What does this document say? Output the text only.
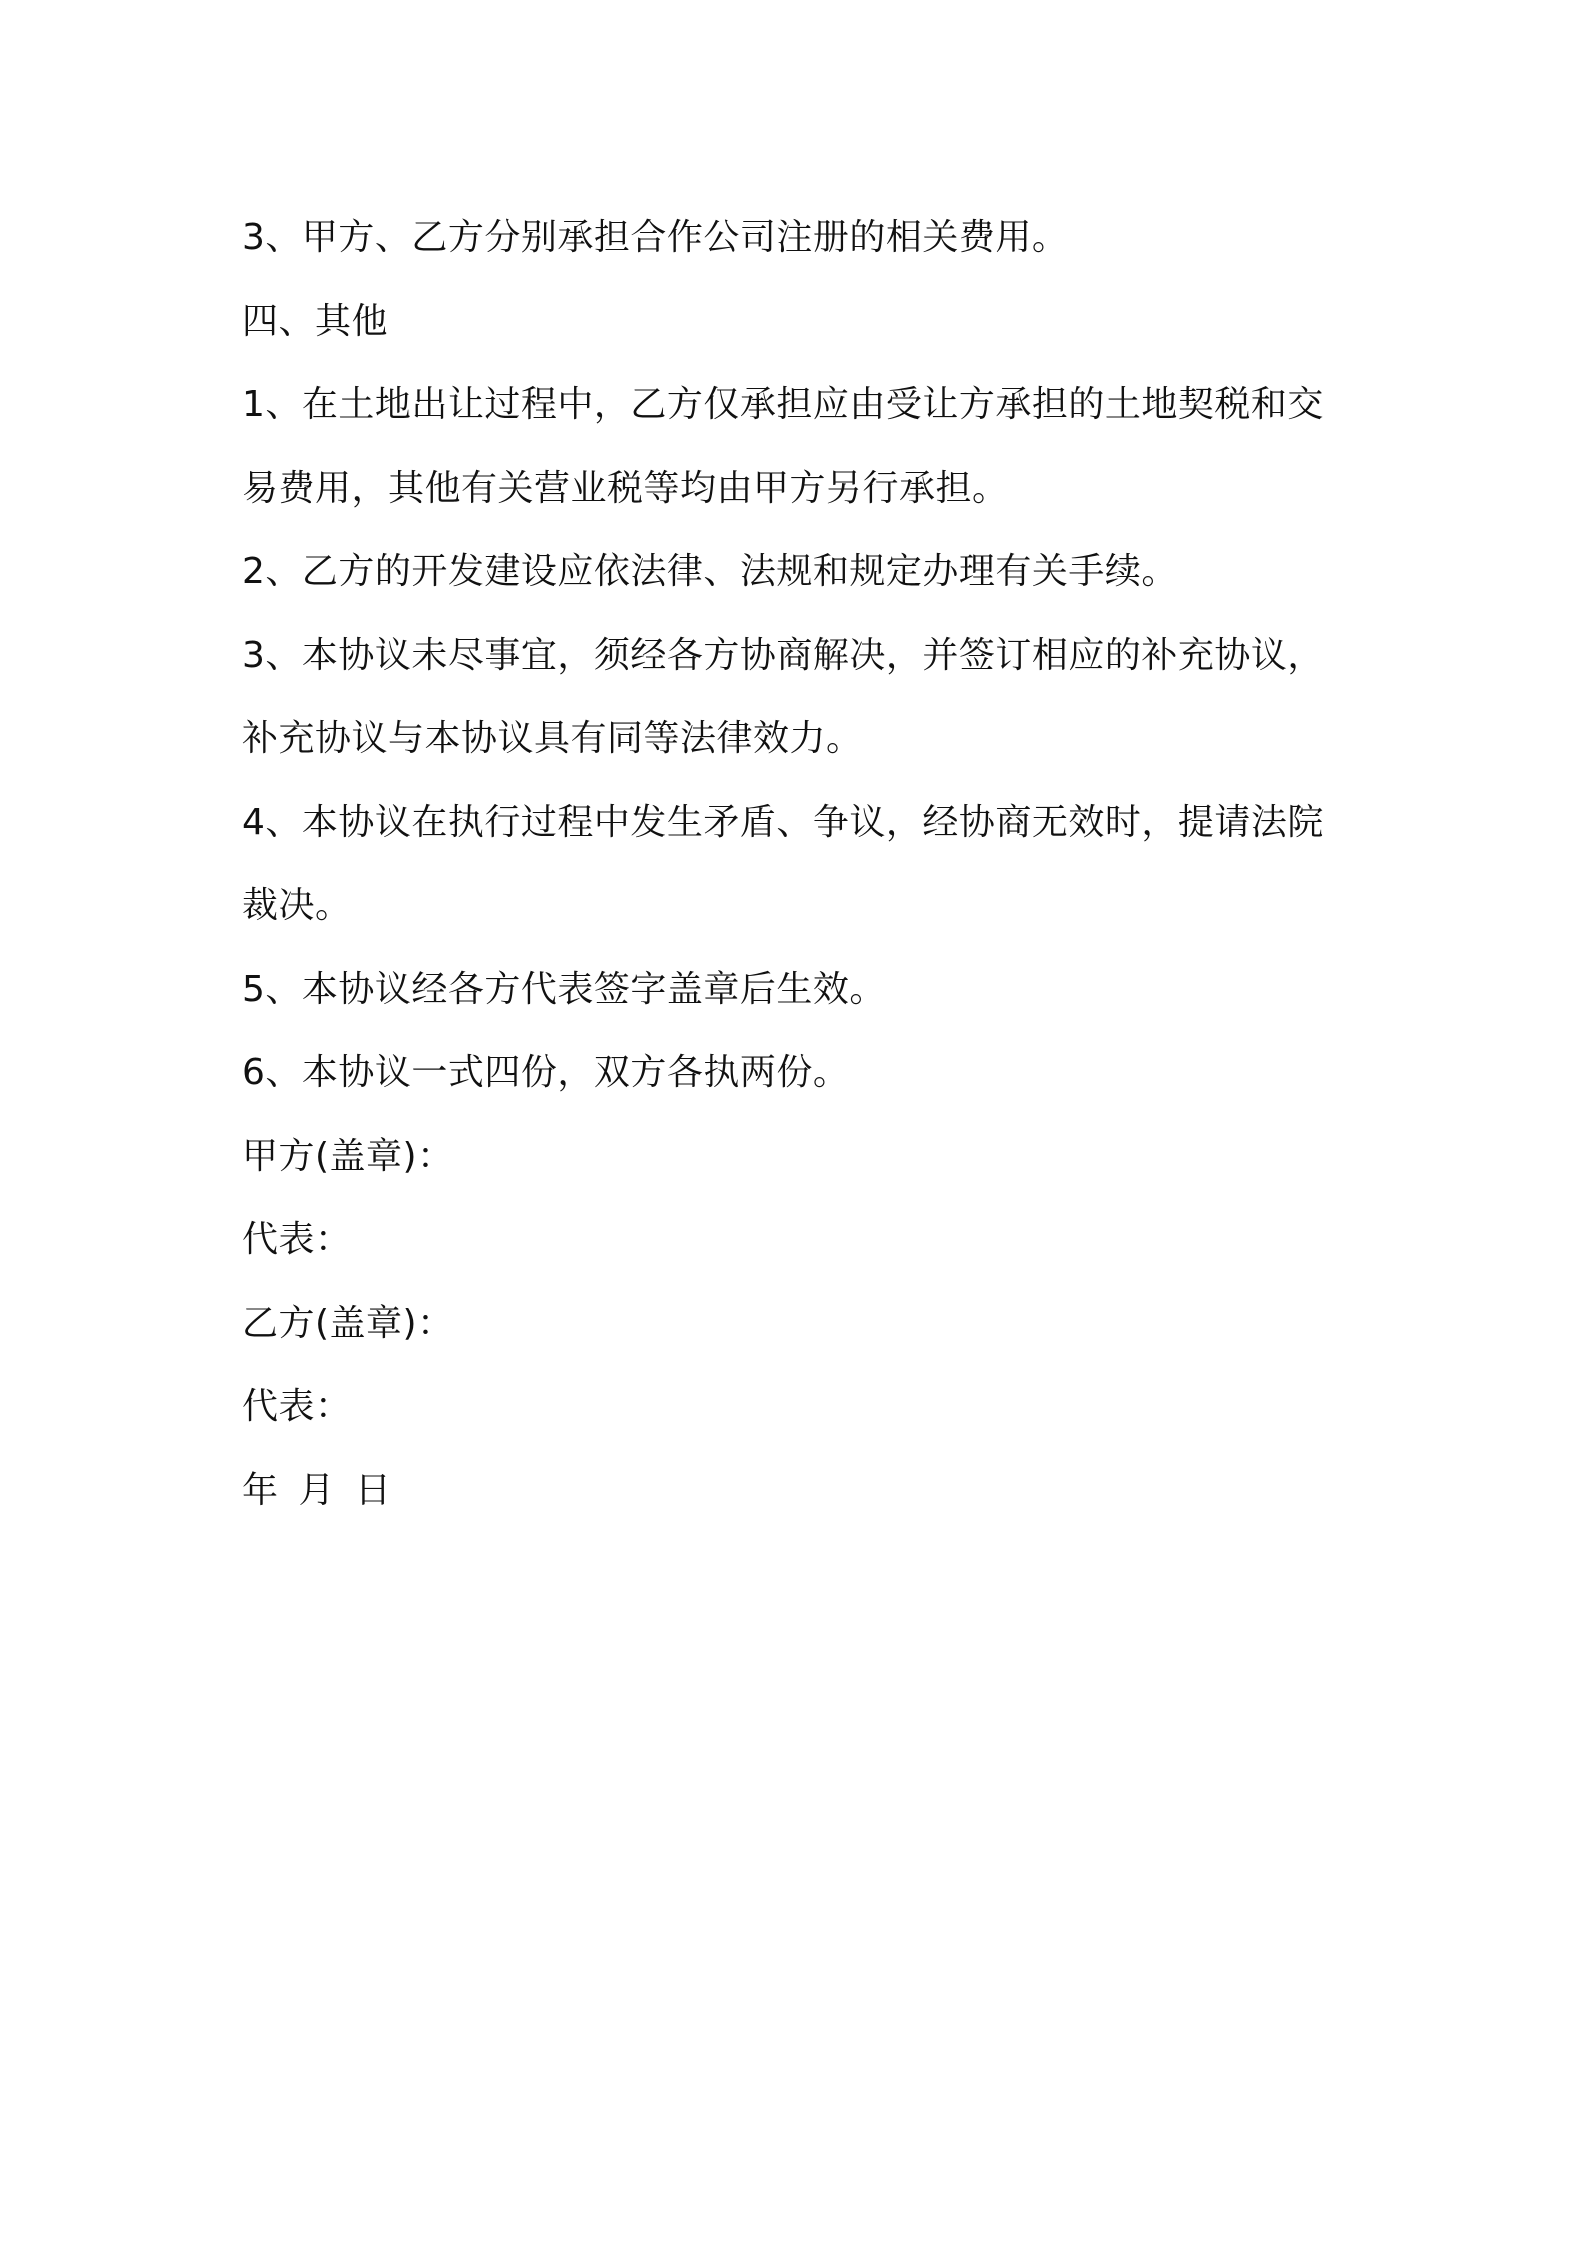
3、甲方、乙方分别承担合作公司注册的相关费用。
四、其他
1、在土地出让过程中，乙方仅承担应由受让方承担的土地契税和交
易费用，其他有关营业税等均由甲方另行承担。
2、乙方的开发建设应依法律、法规和规定办理有关手续。
3、本协议未尽事宜，须经各方协商解决，并签订相应的补充协议，
补充协议与本协议具有同等法律效力。
4、本协议在执行过程中发生矛盾、争议，经协商无效时，提请法院
裁决。
5、本协议经各方代表签字盖章后生效。
6、本协议一式四份，双方各执两份。
甲方(盖章)：
代表：
乙方(盖章)：
代表：
年 月 日
